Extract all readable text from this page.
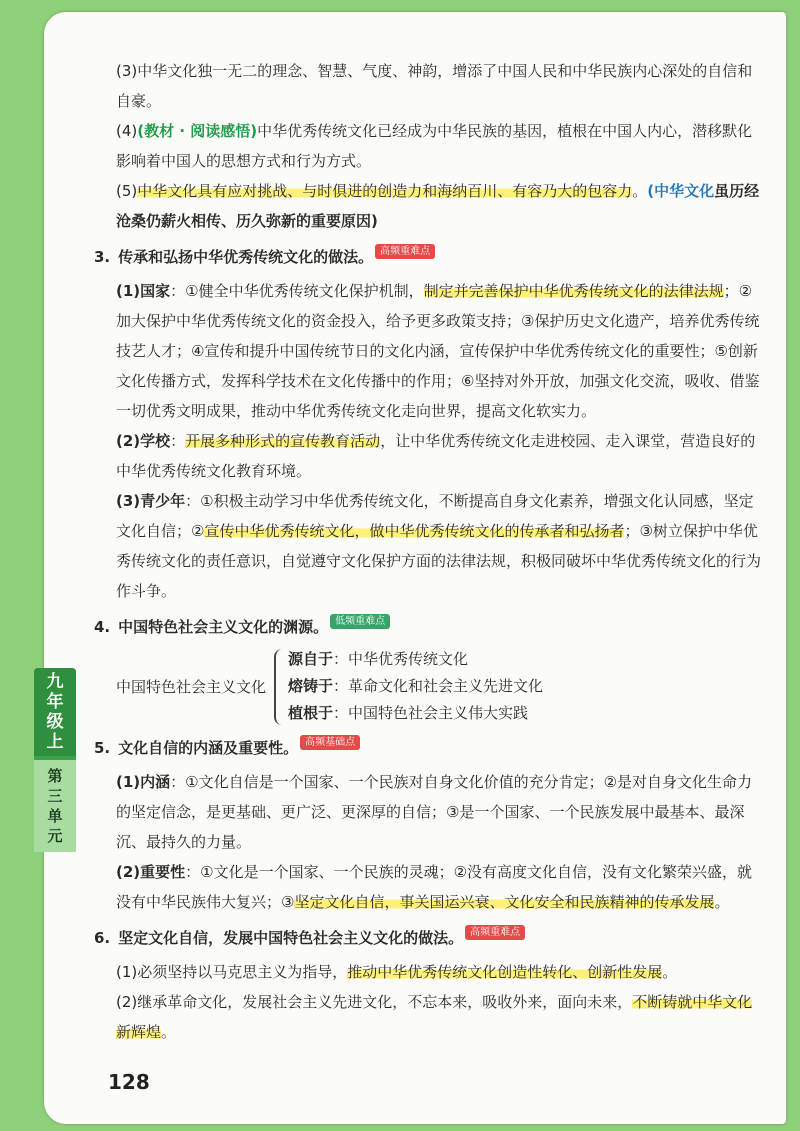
九
年
级
上
第
三
单
元

(3)中华文化独一无二的理念、智慧、气度、神韵，增添了中国人民和中华民族内心深处的自信和自豪。

(4)(教材 · 阅读感悟)中华优秀传统文化已经成为中华民族的基因，植根在中国人内心，潜移默化影响着中国人的思想方式和行为方式。

(5)中华文化具有应对挑战、与时俱进的创造力和海纳百川、有容乃大的包容力。(中华文化虽历经沧桑仍薪火相传、历久弥新的重要原因)

3. 传承和弘扬中华优秀传统文化的做法。 高频重难点

(1)国家：①健全中华优秀传统文化保护机制，制定并完善保护中华优秀传统文化的法律法规；②加大保护中华优秀传统文化的资金投入，给予更多政策支持；③保护历史文化遗产，培养优秀传统技艺人才；④宣传和提升中国传统节日的文化内涵，宣传保护中华优秀传统文化的重要性；⑤创新文化传播方式，发挥科学技术在文化传播中的作用；⑥坚持对外开放，加强文化交流，吸收、借鉴一切优秀文明成果，推动中华优秀传统文化走向世界，提高文化软实力。

(2)学校：开展多种形式的宣传教育活动，让中华优秀传统文化走进校园、走入课堂，营造良好的中华优秀传统文化教育环境。

(3)青少年：①积极主动学习中华优秀传统文化，不断提高自身文化素养，增强文化认同感，坚定文化自信；②宣传中华优秀传统文化，做中华优秀传统文化的传承者和弘扬者；③树立保护中华优秀传统文化的责任意识，自觉遵守文化保护方面的法律法规，积极同破坏中华优秀传统文化的行为作斗争。

4. 中国特色社会主义文化的渊源。 低频重难点
中国特色社会主义文化
源自于：中华优秀传统文化
熔铸于：革命文化和社会主义先进文化
植根于：中国特色社会主义伟大实践
5. 文化自信的内涵及重要性。 高频基础点

(1)内涵：①文化自信是一个国家、一个民族对自身文化价值的充分肯定；②是对自身文化生命力的坚定信念，是更基础、更广泛、更深厚的自信；③是一个国家、一个民族发展中最基本、最深沉、最持久的力量。

(2)重要性：①文化是一个国家、一个民族的灵魂；②没有高度文化自信，没有文化繁荣兴盛，就没有中华民族伟大复兴；③坚定文化自信，事关国运兴衰、文化安全和民族精神的传承发展。

6. 坚定文化自信，发展中国特色社会主义文化的做法。 高频重难点

(1)必须坚持以马克思主义为指导，推动中华优秀传统文化创造性转化、创新性发展。

(2)继承革命文化，发展社会主义先进文化，不忘本来，吸收外来，面向未来，不断铸就中华文化新辉煌。

128
